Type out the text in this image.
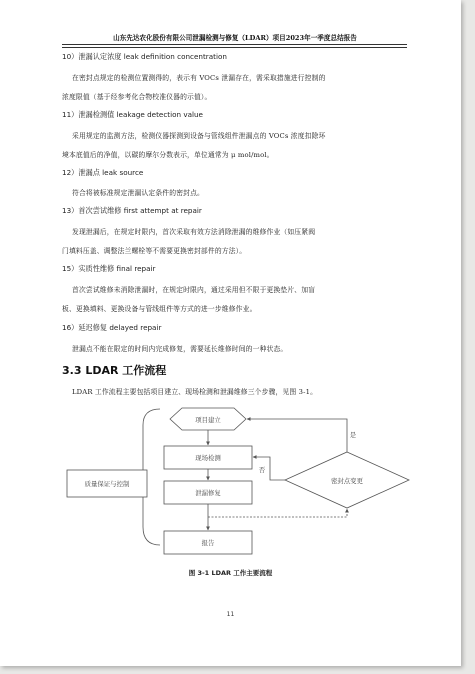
山东先达农化股份有限公司泄漏检测与修复（LDAR）项目2023年一季度总结报告
10）泄漏认定浓度 leak definition concentration
在密封点规定的检测位置测得的，表示有 VOCs 泄漏存在，需采取措施进行控制的
浓度限值（基于经参考化合物校准仪器的示值）。
11）泄漏检测值 leakage detection value
采用规定的监测方法，检测仪器探测到设备与管线组件泄漏点的 VOCs 浓度扣除环
境本底值后的净值，以碳的摩尔分数表示，单位通常为 μ mol/mol。
12）泄漏点 leak source
符合将被标准规定泄漏认定条件的密封点。
13）首次尝试维修 first attempt at repair
发现泄漏后，在规定时限内，首次采取有效方法消除泄漏的维修作业（如压紧阀
门填料压盖、调整法兰螺栓等不需要更换密封部件的方法）。
15）实质性维修 final repair
首次尝试维修未消除泄漏时，在规定时限内，通过采用但不限于更换垫片、加盲
板、更换填料、更换设备与管线组件等方式的进一步维修作业。
16）延迟修复 delayed repair
泄漏点不能在限定的时间内完成修复，需要延长维修时间的一种状态。
3.3 LDAR 工作流程
LDAR 工作流程主要包括项目建立、现场检测和泄漏维修三个步骤，见图 3-1。
质量保证与控制
项目建立
现场检测
泄漏修复
报告
密封点变更
是
否
图 3-1 LDAR 工作主要流程
11
